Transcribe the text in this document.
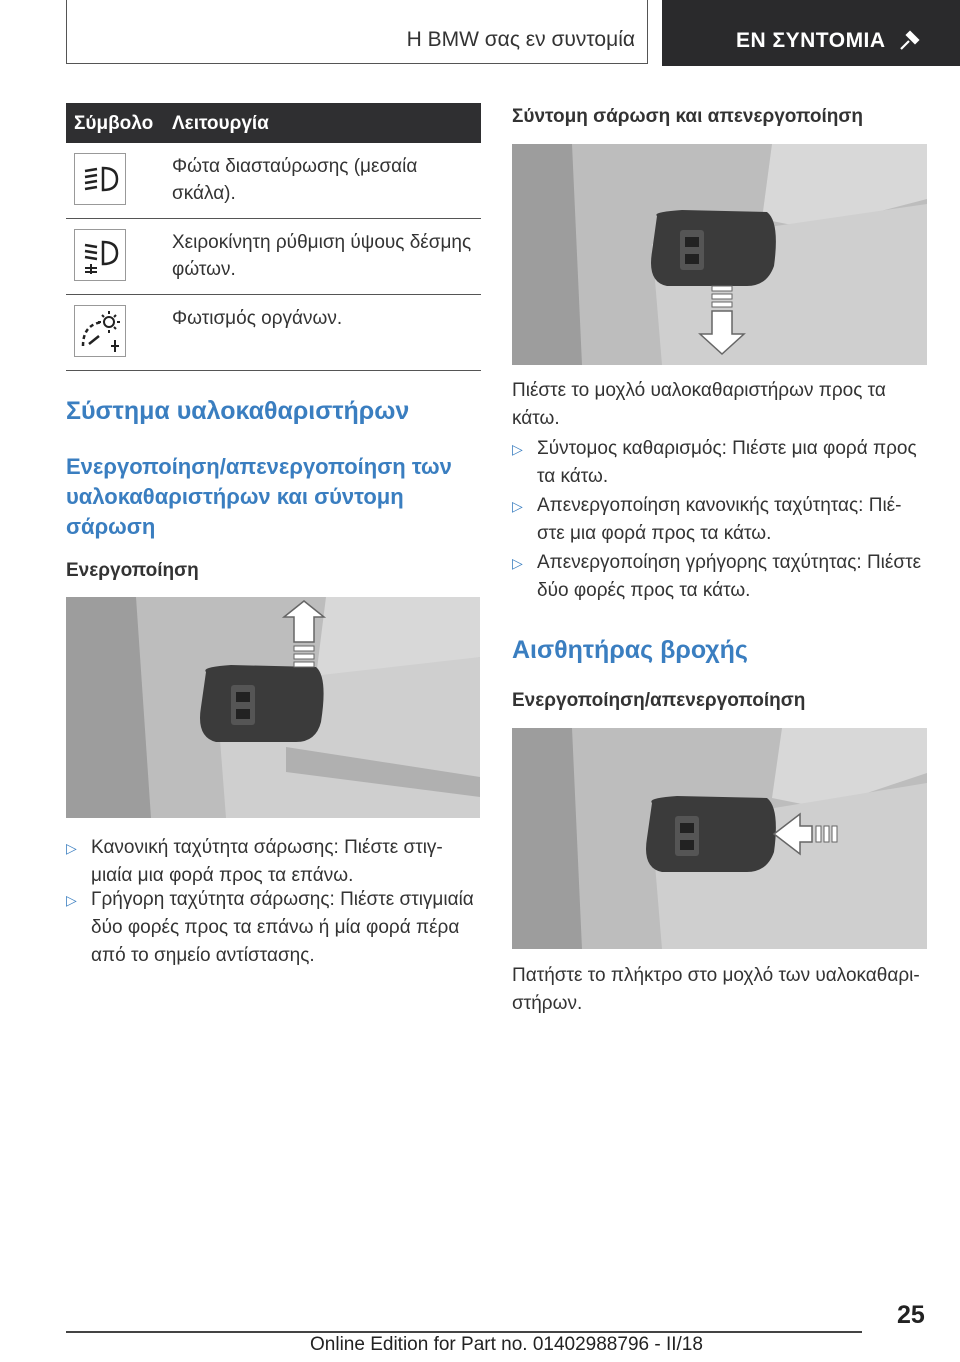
Η BMW σας εν συντομία	ΕΝ ΣΥΝΤΟΜΙΑ
Σύμβολο Λειτουργία
Φώτα διασταύρωσης (μεσαία σκάλα).
Χειροκίνητη ρύθμιση ύψους δέσμης φώτων.
Φωτισμός οργάνων.
Σύστημα υαλοκαθαριστήρων
Ενεργοποίηση/απενεργοποίηση των υαλοκαθαριστήρων και σύντομη σάρωση
Ενεργοποίηση
▷ Κανονική ταχύτητα σάρωσης: Πιέστε στιγ-μιαία μια φορά προς τα επάνω.
▷ Γρήγορη ταχύτητα σάρωσης: Πιέστε στιγμιαία δύο φορές προς τα επάνω ή μία φορά πέρα από το σημείο αντίστασης.
Σύντομη σάρωση και απενεργοποίηση
Πιέστε το μοχλό υαλοκαθαριστήρων προς τα κάτω.
▷ Σύντομος καθαρισμός: Πιέστε μια φορά προς τα κάτω.
▷ Απενεργοποίηση κανονικής ταχύτητας: Πιέ-στε μια φορά προς τα κάτω.
▷ Απενεργοποίηση γρήγορης ταχύτητας: Πιέστε δύο φορές προς τα κάτω.
Αισθητήρας βροχής
Ενεργοποίηση/απενεργοποίηση
Πατήστε το πλήκτρο στο μοχλό των υαλοκαθαρι-στήρων.
25
Online Edition for Part no. 01402988796 - II/18
